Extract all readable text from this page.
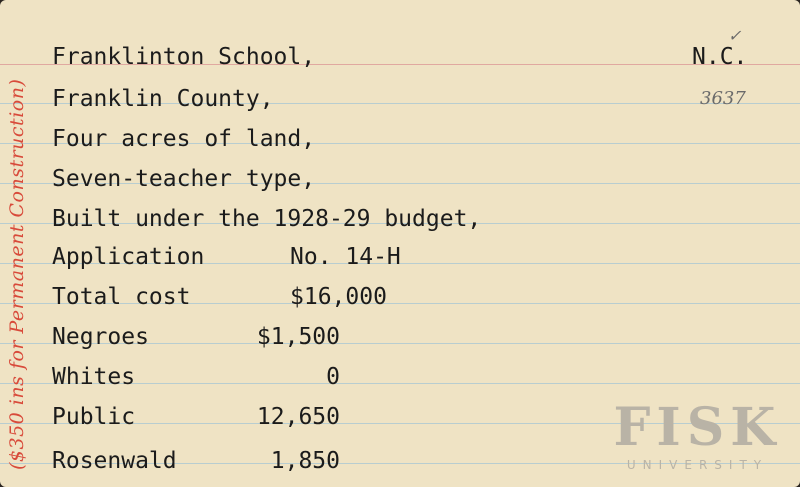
($350 ins for Permanent Construction)
Franklinton School,	N.C.
✓
3637
Franklin County,
Four acres of land,
Seven-teacher type,
Built under the 1928-29 budget,
Application	No. 14-H
Total cost	$16,000
Negroes	$1,500
Whites	0
Public	12,650
Rosenwald	1,850
FISK
UNIVERSITY
